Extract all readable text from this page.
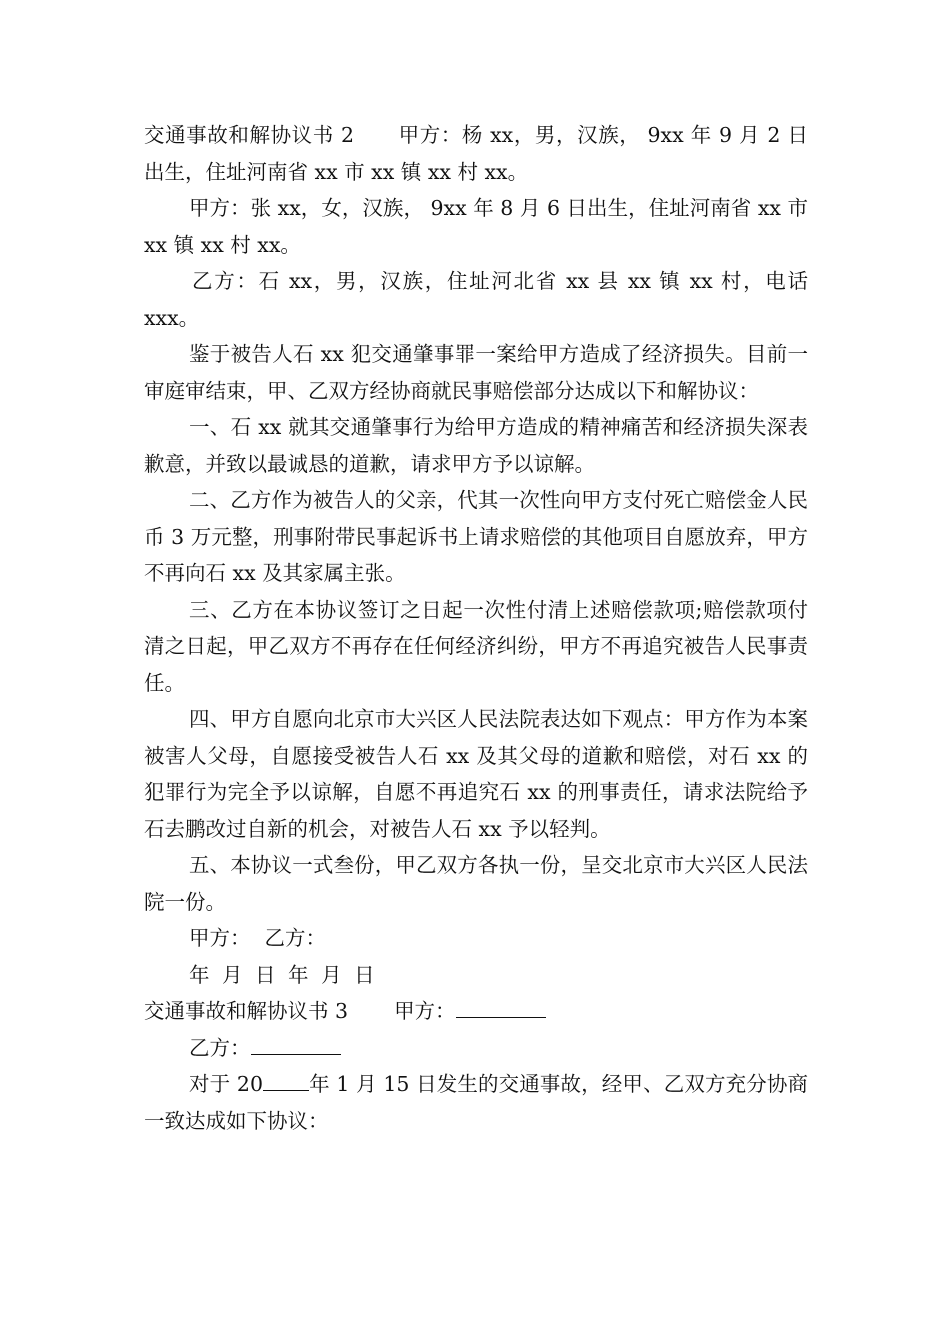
交通事故和解协议书 2 甲方：杨 xx，男，汉族， 9xx 年 9 月 2 日出生，住址河南省 xx 市 xx 镇 xx 村 xx。

甲方：张 xx，女，汉族， 9xx 年 8 月 6 日出生，住址河南省 xx 市 xx 镇 xx 村 xx。

乙方：石 xx，男，汉族，住址河北省 xx 县 xx 镇 xx 村，电话 xxx。

鉴于被告人石 xx 犯交通肇事罪一案给甲方造成了经济损失。目前一审庭审结束，甲、乙双方经协商就民事赔偿部分达成以下和解协议：

一、石 xx 就其交通肇事行为给甲方造成的精神痛苦和经济损失深表歉意，并致以最诚恳的道歉，请求甲方予以谅解。

二、乙方作为被告人的父亲，代其一次性向甲方支付死亡赔偿金人民币 3 万元整，刑事附带民事起诉书上请求赔偿的其他项目自愿放弃，甲方不再向石 xx 及其家属主张。

三、乙方在本协议签订之日起一次性付清上述赔偿款项;赔偿款项付清之日起，甲乙双方不再存在任何经济纠纷，甲方不再追究被告人民事责任。

四、甲方自愿向北京市大兴区人民法院表达如下观点：甲方作为本案被害人父母，自愿接受被告人石 xx 及其父母的道歉和赔偿，对石 xx 的犯罪行为完全予以谅解，自愿不再追究石 xx 的刑事责任，请求法院给予石去鹏改过自新的机会，对被告人石 xx 予以轻判。

五、本协议一式叁份，甲乙双方各执一份，呈交北京市大兴区人民法院一份。

甲方： 乙方：

年 月 日 年 月 日

交通事故和解协议书 3 甲方：

乙方：

对于 20 年 1 月 15 日发生的交通事故，经甲、乙双方充分协商一致达成如下协议：
